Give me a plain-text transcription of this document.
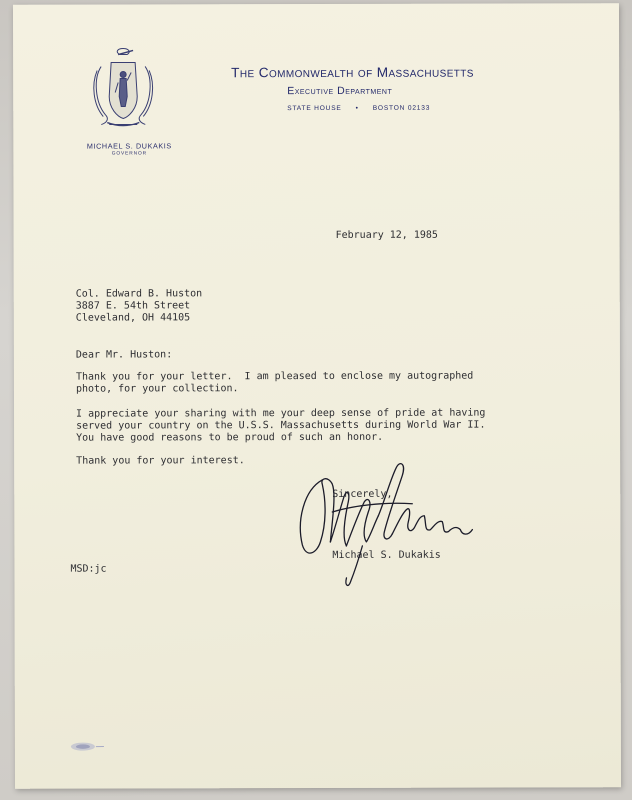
MICHAEL S. DUKAKIS
GOVERNOR
The Commonwealth of Massachusetts
Executive Department
STATE HOUSE • BOSTON 02133
February 12, 1985
Col. Edward B. Huston
3887 E. 54th Street
Cleveland, OH 44105
Dear Mr. Huston:
Thank you for your letter.  I am pleased to enclose my autographed
photo, for your collection.
I appreciate your sharing with me your deep sense of pride at having
served your country on the U.S.S. Massachusetts during World War II.
You have good reasons to be proud of such an honor.
Thank you for your interest.
Sincerely,
Michael S. Dukakis
MSD:jc
